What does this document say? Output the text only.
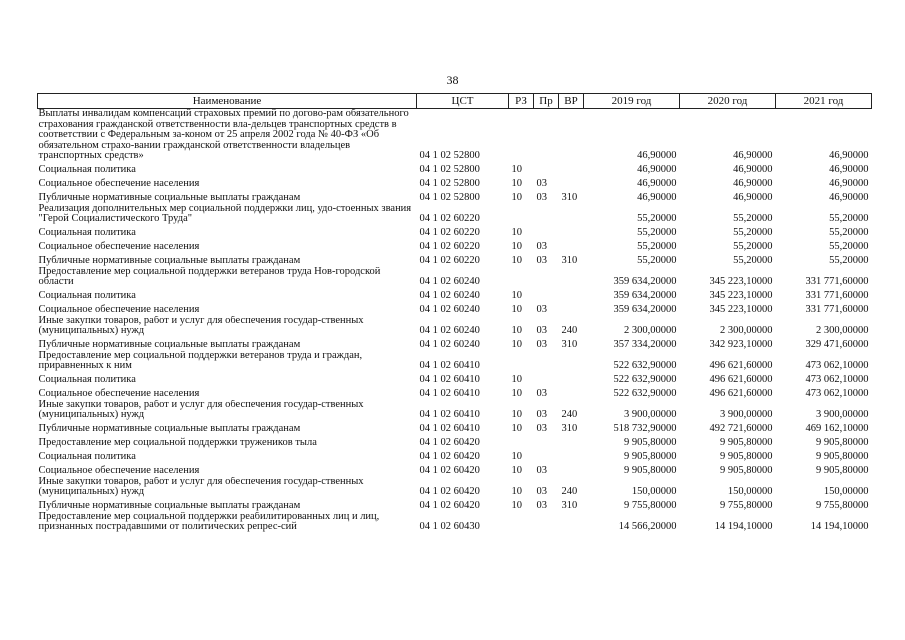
38
Наименование	ЦСТ	РЗ	Пр	ВР	2019 год	2020 год	2021 год
Выплаты инвалидам компенсаций страховых премий по догово-рам обязательного страхования гражданской ответственности вла-дельцев транспортных средств в соответствии с Федеральным за-коном от 25 апреля 2002 года № 40-ФЗ «Об обязательном страхо-вании гражданской ответственности владельцев транспортных средств»	04 1 02 52800				46,90000	46,90000	46,90000
Социальная политика	04 1 02 52800	10			46,90000	46,90000	46,90000
Социальное обеспечение населения	04 1 02 52800	10	03		46,90000	46,90000	46,90000
Публичные нормативные социальные выплаты гражданам	04 1 02 52800	10	03	310	46,90000	46,90000	46,90000
Реализация дополнительных мер социальной поддержки лиц, удо-стоенных звания "Герой Социалистического Труда"	04 1 02 60220				55,20000	55,20000	55,20000
Социальная политика	04 1 02 60220	10			55,20000	55,20000	55,20000
Социальное обеспечение населения	04 1 02 60220	10	03		55,20000	55,20000	55,20000
Публичные нормативные социальные выплаты гражданам	04 1 02 60220	10	03	310	55,20000	55,20000	55,20000
Предоставление мер социальной поддержки ветеранов труда Нов-городской области	04 1 02 60240				359 634,20000	345 223,10000	331 771,60000
Социальная политика	04 1 02 60240	10			359 634,20000	345 223,10000	331 771,60000
Социальное обеспечение населения	04 1 02 60240	10	03		359 634,20000	345 223,10000	331 771,60000
Иные закупки товаров, работ и услуг для обеспечения государ-ственных (муниципальных) нужд	04 1 02 60240	10	03	240	2 300,00000	2 300,00000	2 300,00000
Публичные нормативные социальные выплаты гражданам	04 1 02 60240	10	03	310	357 334,20000	342 923,10000	329 471,60000
Предоставление мер социальной поддержки ветеранов труда и граждан, приравненных к ним	04 1 02 60410				522 632,90000	496 621,60000	473 062,10000
Социальная политика	04 1 02 60410	10			522 632,90000	496 621,60000	473 062,10000
Социальное обеспечение населения	04 1 02 60410	10	03		522 632,90000	496 621,60000	473 062,10000
Иные закупки товаров, работ и услуг для обеспечения государ-ственных (муниципальных) нужд	04 1 02 60410	10	03	240	3 900,00000	3 900,00000	3 900,00000
Публичные нормативные социальные выплаты гражданам	04 1 02 60410	10	03	310	518 732,90000	492 721,60000	469 162,10000
Предоставление мер социальной поддержки тружеников тыла	04 1 02 60420				9 905,80000	9 905,80000	9 905,80000
Социальная политика	04 1 02 60420	10			9 905,80000	9 905,80000	9 905,80000
Социальное обеспечение населения	04 1 02 60420	10	03		9 905,80000	9 905,80000	9 905,80000
Иные закупки товаров, работ и услуг для обеспечения государ-ственных (муниципальных) нужд	04 1 02 60420	10	03	240	150,00000	150,00000	150,00000
Публичные нормативные социальные выплаты гражданам	04 1 02 60420	10	03	310	9 755,80000	9 755,80000	9 755,80000
Предоставление мер социальной поддержки реабилитированных лиц и лиц, признанных пострадавшими от политических репрес-сий	04 1 02 60430				14 566,20000	14 194,10000	14 194,10000
